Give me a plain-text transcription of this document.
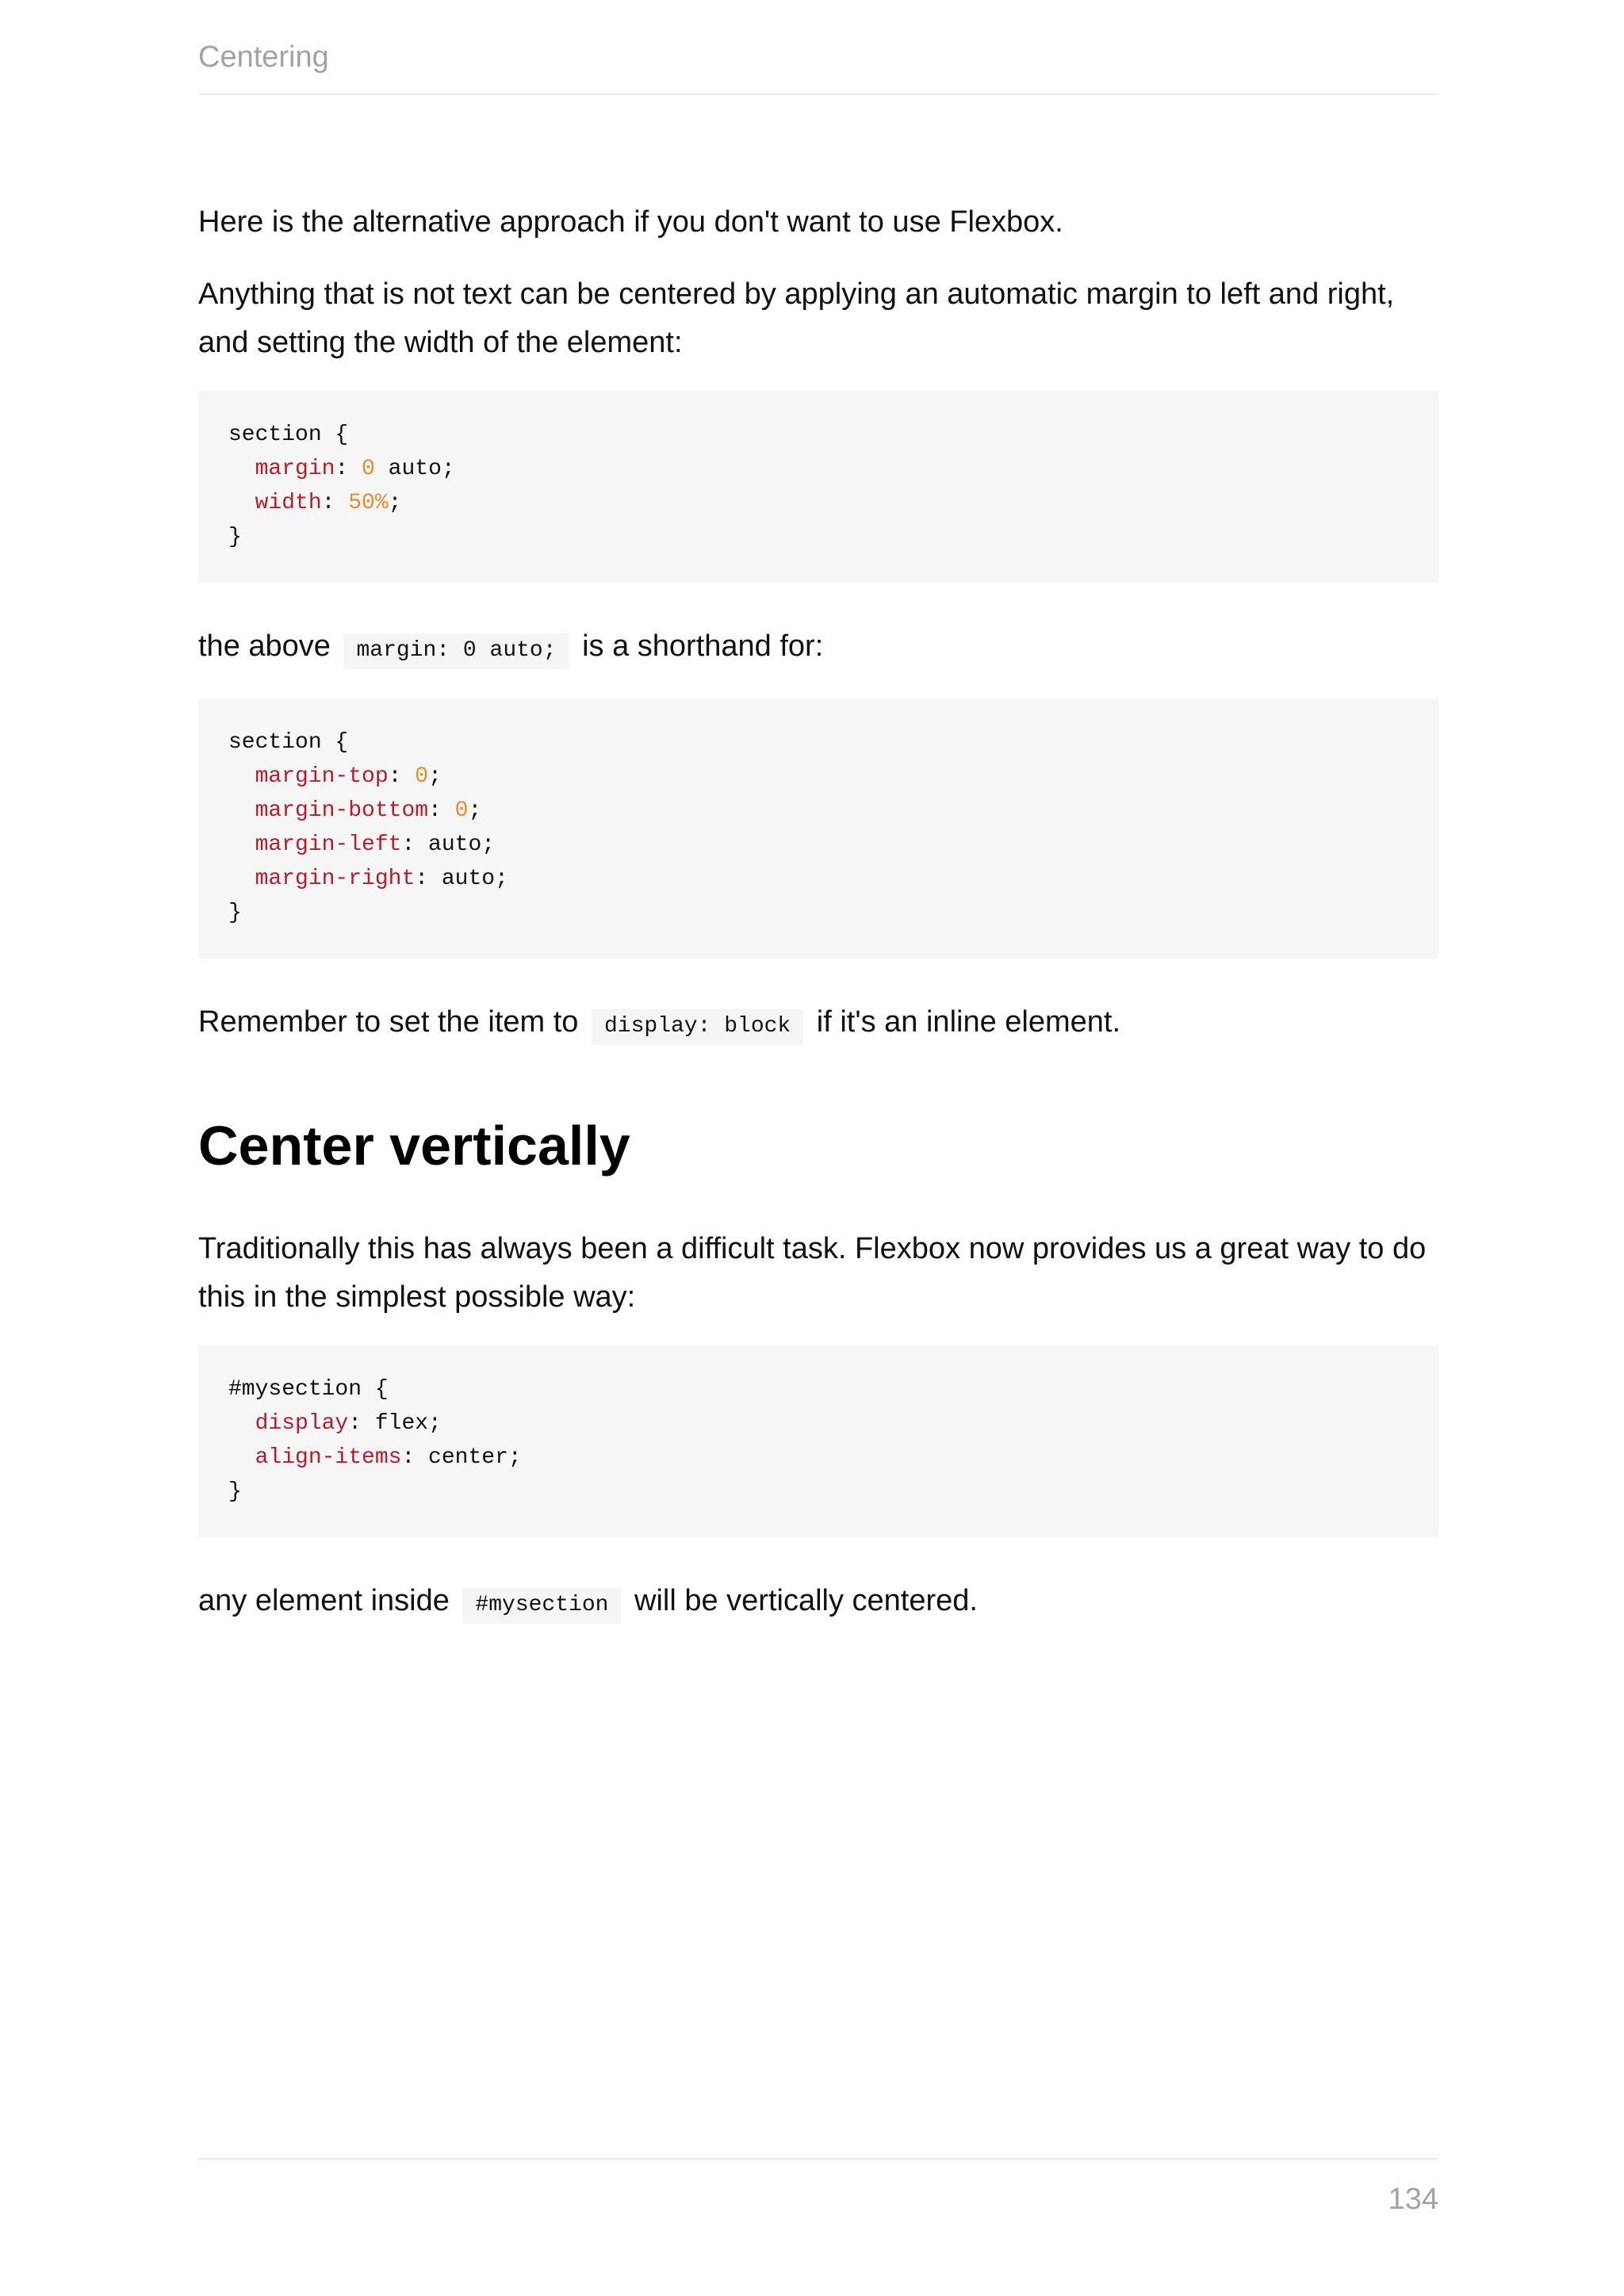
Centering

Here is the alternative approach if you don't want to use Flexbox.

Anything that is not text can be centered by applying an automatic margin to left and right, and setting the width of the element:

section {
margin: 0 auto;
width: 50%;
}

the above margin: 0 auto; is a shorthand for:

section {
margin-top: 0;
margin-bottom: 0;
margin-left: auto;
margin-right: auto;
}

Remember to set the item to display: block if it's an inline element.

Center vertically

Traditionally this has always been a difficult task. Flexbox now provides us a great way to do this in the simplest possible way:

#mysection {
display: flex;
align-items: center;
}

any element inside #mysection will be vertically centered.

134
